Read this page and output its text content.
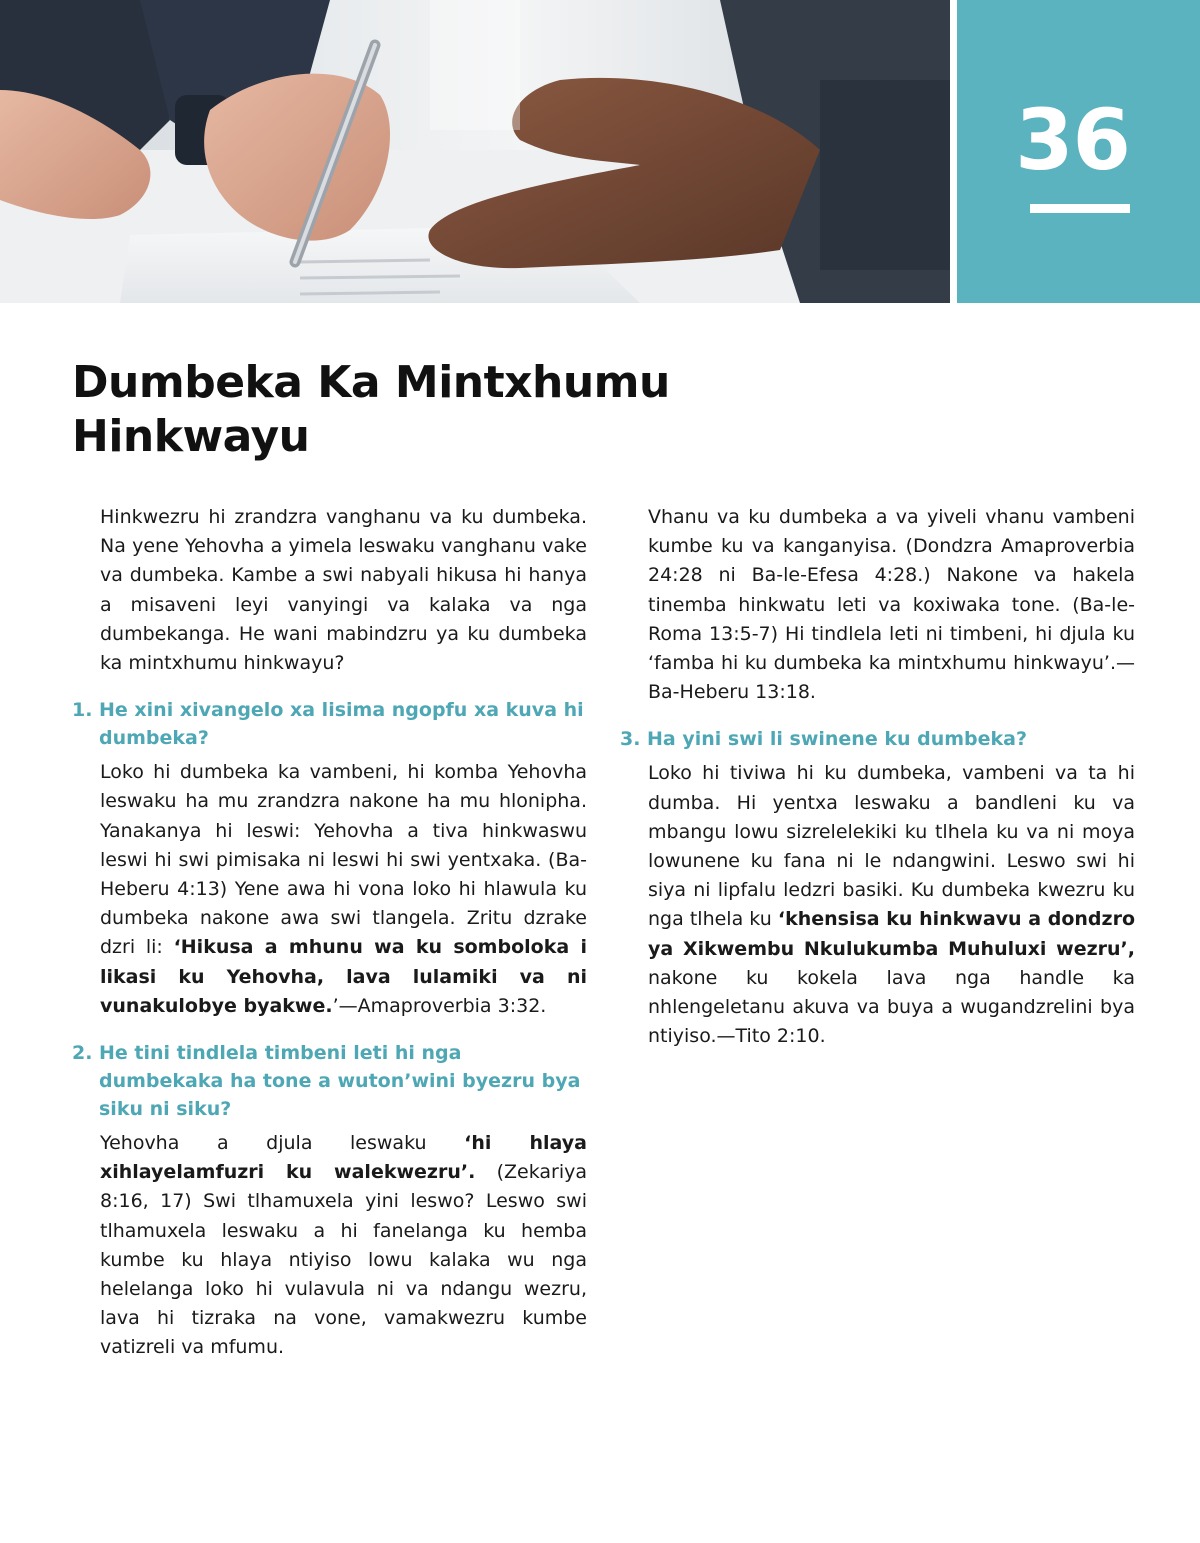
36
Dumbeka Ka Mintxhumu Hinkwayu

Hinkwezru hi zrandzra vanghanu va ku dumbeka. Na yene Yehovha a yimela leswaku vanghanu vake va dumbeka. Kambe a swi nabyali hikusa hi hanya a misaveni leyi vanyingi va kalaka va nga dumbekanga. He wani mabindzru ya ku dumbeka ka mintxhumu hinkwayu?

1. He xini xivangelo xa lisima ngopfu xa kuva hi dumbeka?

Loko hi dumbeka ka vambeni, hi komba Yehovha leswaku ha mu zrandzra nakone ha mu hlonipha. Yanakanya hi leswi: Yehovha a tiva hinkwaswu leswi hi swi pimisaka ni leswi hi swi yentxaka. (Ba-Heberu 4:13) Yene awa hi vona loko hi hlawula ku dumbeka nakone awa swi tlangela. Zritu dzrake dzri li: ‘Hikusa a mhunu wa ku somboloka i likasi ku Yehovha, lava lulamiki va ni vunakulobye byakwe.’—Amaproverbia 3:32.

2. He tini tindlela timbeni leti hi nga dumbekaka ha tone a wuton’wini byezru bya siku ni siku?

Yehovha a djula leswaku ‘hi hlaya xihlayelamfuzri ku walekwezru’. (Zekariya 8:16, 17) Swi tlhamuxela yini leswo? Leswo swi tlhamuxela leswaku a hi fanelanga ku hemba kumbe ku hlaya ntiyiso lowu kalaka wu nga helelanga loko hi vulavula ni va ndangu wezru, lava hi tizraka na vone, vamakwezru kumbe vatizreli va mfumu.

Vhanu va ku dumbeka a va yiveli vhanu vambeni kumbe ku va kanganyisa. (Dondzra Amaproverbia 24:28 ni Ba-le-Efesa 4:28.) Nakone va hakela tinemba hinkwatu leti va koxiwaka tone. (Ba-le-Roma 13:5-7) Hi tindlela leti ni timbeni, hi djula ku ‘famba hi ku dumbeka ka mintxhumu hinkwayu’.—Ba-Heberu 13:18.

3. Ha yini swi li swinene ku dumbeka?

Loko hi tiviwa hi ku dumbeka, vambeni va ta hi dumba. Hi yentxa leswaku a bandleni ku va mbangu lowu sizrelelekiki ku tlhela ku va ni moya lowunene ku fana ni le ndangwini. Leswo swi hi siya ni lipfalu ledzri basiki. Ku dumbeka kwezru ku nga tlhela ku ‘khensisa ku hinkwavu a dondzro ya Xikwembu Nkulukumba Muhuluxi wezru’, nakone ku kokela lava nga handle ka nhlengeletanu akuva va buya a wugandzrelini bya ntiyiso.—Tito 2:10.
